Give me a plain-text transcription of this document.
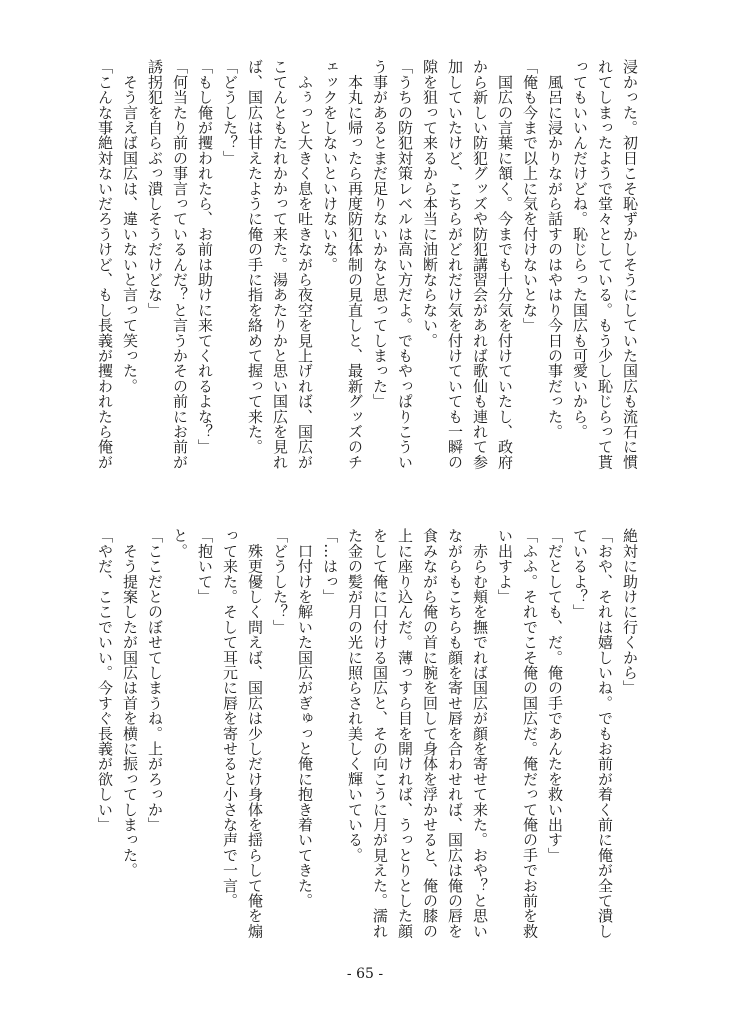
浸かった。初日こそ恥ずかしそうにしていた国広も流石に慣
れてしまったようで堂々としている。もう少し恥じらって貰
ってもいいんだけどね。恥じらった国広も可愛いから。
　風呂に浸かりながら話すのはやはり今日の事だった。
「俺も今まで以上に気を付けないとな」
　国広の言葉に頷く。今までも十分気を付けていたし、政府
から新しい防犯グッズや防犯講習会があれば歌仙も連れて参
加していたけど、こちらがどれだけ気を付けていても一瞬の
隙を狙って来るから本当に油断ならない。
「うちの防犯対策レベルは高い方だよ。でもやっぱりこうい
う事があるとまだ足りないかなと思ってしまった」
　本丸に帰ったら再度防犯体制の見直しと、最新グッズのチ
ェックをしないといけないな。
　ふぅっと大きく息を吐きながら夜空を見上げれば、国広が
こてんともたれかかって来た。湯あたりかと思い国広を見れ
ば、国広は甘えたように俺の手に指を絡めて握って来た。
「どうした？」
「もし俺が攫われたら、お前は助けに来てくれるよな？」
「何当たり前の事言っているんだ？と言うかその前にお前が
誘拐犯を自らぶっ潰しそうだけどな」
　そう言えば国広は、違いないと言って笑った。
「こんな事絶対ないだろうけど、もし長義が攫われたら俺が
絶対に助けに行くから」
「おや、それは嬉しいね。でもお前が着く前に俺が全て潰し
ているよ？」
「だとしても、だ。俺の手であんたを救い出す」
「ふふ。それでこそ俺の国広だ。俺だって俺の手でお前を救
い出すよ」
　赤らむ頬を撫でれば国広が顔を寄せて来た。おや？と思い
ながらもこちらも顔を寄せ唇を合わせれば、国広は俺の唇を
食みながら俺の首に腕を回して身体を浮かせると、俺の膝の
上に座り込んだ。薄っすら目を開ければ、うっとりとした顔
をして俺に口付ける国広と、その向こうに月が見えた。濡れ
た金の髪が月の光に照らされ美しく輝いている。
「…はっ」
　口付けを解いた国広がぎゅっと俺に抱き着いてきた。
「どうした？」
　殊更優しく問えば、国広は少しだけ身体を揺らして俺を煽
って来た。そして耳元に唇を寄せると小さな声で一言。
「抱いて」
と。
「ここだとのぼせてしまうね。上がろっか」
　そう提案したが国広は首を横に振ってしまった。
「やだ、ここでいい。今すぐ長義が欲しい」
- 65 -
